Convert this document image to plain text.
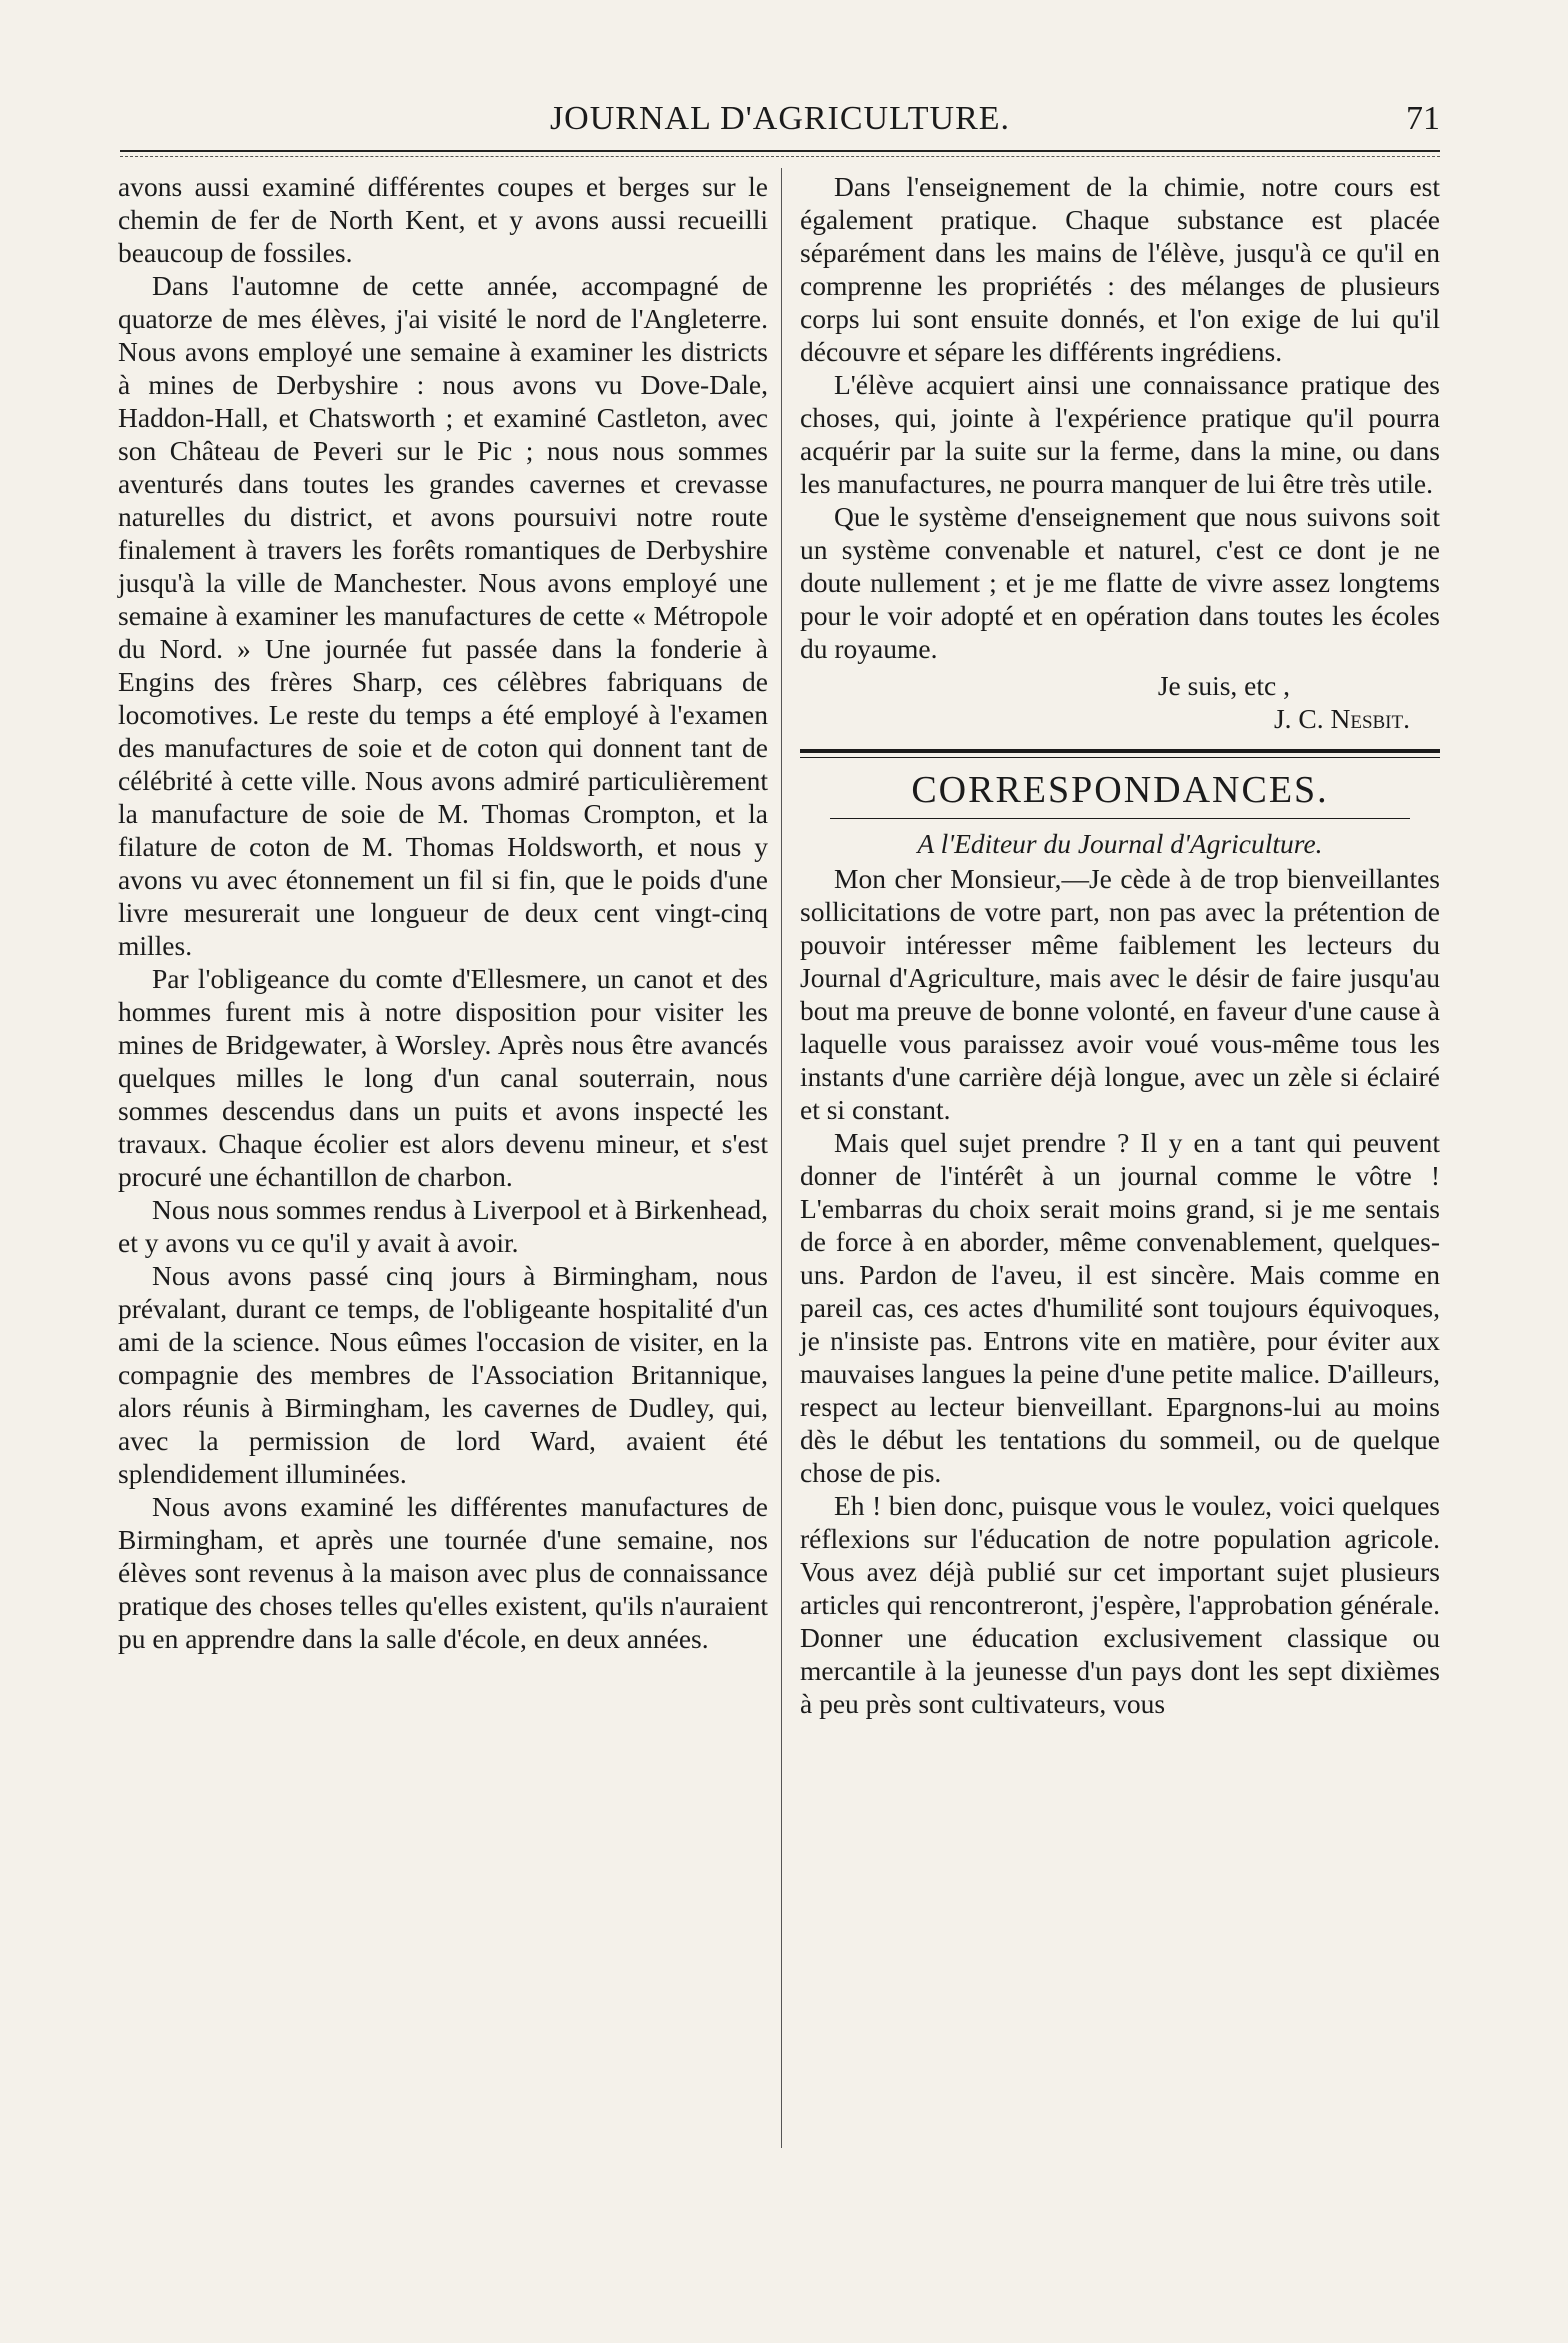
JOURNAL D'AGRICULTURE.	71

avons aussi examiné différentes coupes et berges sur le chemin de fer de North Kent, et y avons aussi recueilli beaucoup de fossiles.

Dans l'automne de cette année, accompagné de quatorze de mes élèves, j'ai visité le nord de l'Angleterre. Nous avons employé une semaine à examiner les districts à mines de Derbyshire : nous avons vu Dove-Dale, Haddon-Hall, et Chatsworth ; et examiné Castleton, avec son Château de Peveri sur le Pic ; nous nous sommes aventurés dans toutes les grandes cavernes et crevasse naturelles du district, et avons poursuivi notre route finalement à travers les forêts romantiques de Derbyshire jusqu'à la ville de Manchester. Nous avons employé une semaine à examiner les manufactures de cette « Métropole du Nord. » Une journée fut passée dans la fonderie à Engins des frères Sharp, ces célèbres fabriquans de locomotives. Le reste du temps a été employé à l'examen des manufactures de soie et de coton qui donnent tant de célébrité à cette ville. Nous avons admiré particulièrement la manufacture de soie de M. Thomas Crompton, et la filature de coton de M. Thomas Holdsworth, et nous y avons vu avec étonnement un fil si fin, que le poids d'une livre mesurerait une longueur de deux cent vingt-cinq milles.

Par l'obligeance du comte d'Ellesmere, un canot et des hommes furent mis à notre disposition pour visiter les mines de Bridgewater, à Worsley. Après nous être avancés quelques milles le long d'un canal souterrain, nous sommes descendus dans un puits et avons inspecté les travaux. Chaque écolier est alors devenu mineur, et s'est procuré une échantillon de charbon.

Nous nous sommes rendus à Liverpool et à Birkenhead, et y avons vu ce qu'il y avait à avoir.

Nous avons passé cinq jours à Birmingham, nous prévalant, durant ce temps, de l'obligeante hospitalité d'un ami de la science. Nous eûmes l'occasion de visiter, en la compagnie des membres de l'Association Britannique, alors réunis à Birmingham, les cavernes de Dudley, qui, avec la permission de lord Ward, avaient été splendidement illuminées.

Nous avons examiné les différentes manufactures de Birmingham, et après une tournée d'une semaine, nos élèves sont revenus à la maison avec plus de connaissance pratique des choses telles qu'elles existent, qu'ils n'auraient pu en apprendre dans la salle d'école, en deux années.

Dans l'enseignement de la chimie, notre cours est également pratique. Chaque substance est placée séparément dans les mains de l'élève, jusqu'à ce qu'il en comprenne les propriétés : des mélanges de plusieurs corps lui sont ensuite donnés, et l'on exige de lui qu'il découvre et sépare les différents ingrédiens.

L'élève acquiert ainsi une connaissance pratique des choses, qui, jointe à l'expérience pratique qu'il pourra acquérir par la suite sur la ferme, dans la mine, ou dans les manufactures, ne pourra manquer de lui être très utile.

Que le système d'enseignement que nous suivons soit un système convenable et naturel, c'est ce dont je ne doute nullement ; et je me flatte de vivre assez longtems pour le voir adopté et en opération dans toutes les écoles du royaume.

Je suis, etc ,
J. C. Nesbit.
CORRESPONDANCES.
A l'Editeur du Journal d'Agriculture.

Mon cher Monsieur,—Je cède à de trop bienveillantes sollicitations de votre part, non pas avec la prétention de pouvoir intéresser même faiblement les lecteurs du Journal d'Agriculture, mais avec le désir de faire jusqu'au bout ma preuve de bonne volonté, en faveur d'une cause à laquelle vous paraissez avoir voué vous-même tous les instants d'une carrière déjà longue, avec un zèle si éclairé et si constant.

Mais quel sujet prendre ? Il y en a tant qui peuvent donner de l'intérêt à un journal comme le vôtre ! L'embarras du choix serait moins grand, si je me sentais de force à en aborder, même convenablement, quelques-uns. Pardon de l'aveu, il est sincère. Mais comme en pareil cas, ces actes d'humilité sont toujours équivoques, je n'insiste pas. Entrons vite en matière, pour éviter aux mauvaises langues la peine d'une petite malice. D'ailleurs, respect au lecteur bienveillant. Epargnons-lui au moins dès le début les tentations du sommeil, ou de quelque chose de pis.

Eh ! bien donc, puisque vous le voulez, voici quelques réflexions sur l'éducation de notre population agricole. Vous avez déjà publié sur cet important sujet plusieurs articles qui rencontreront, j'espère, l'approbation générale. Donner une éducation exclusivement classique ou mercantile à la jeunesse d'un pays dont les sept dixièmes à peu près sont cultivateurs, vous
